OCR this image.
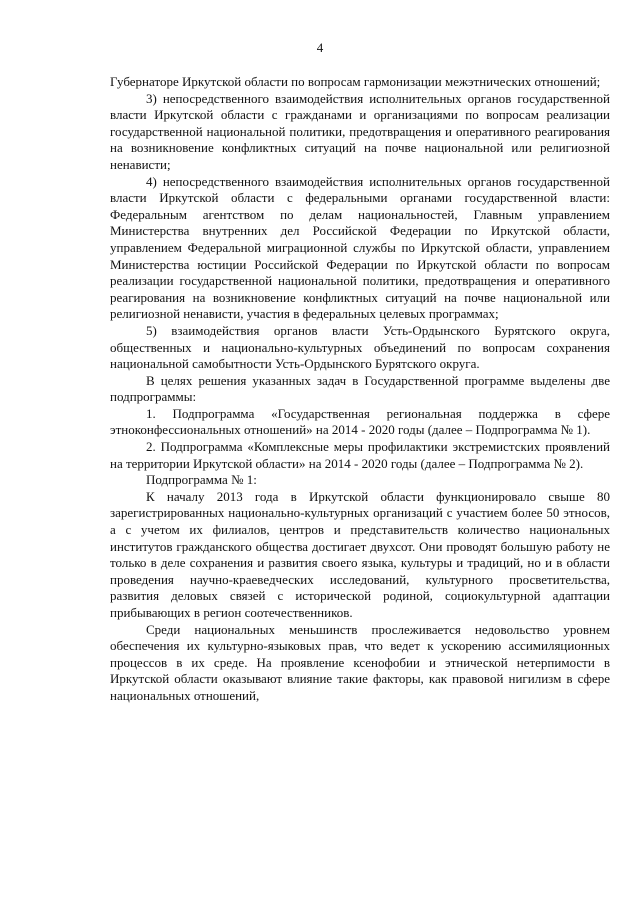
4

Губернаторе Иркутской области по вопросам гармонизации межэтнических отношений;

3) непосредственного взаимодействия исполнительных органов государственной власти Иркутской области с гражданами и организациями по вопросам реализации государственной национальной политики, предотвращения и оперативного реагирования на возникновение конфликтных ситуаций на почве национальной или религиозной ненависти;

4) непосредственного взаимодействия исполнительных органов государственной власти Иркутской области с федеральными органами государственной власти: Федеральным агентством по делам национальностей, Главным управлением Министерства внутренних дел Российской Федерации по Иркутской области, управлением Федеральной миграционной службы по Иркутской области, управлением Министерства юстиции Российской Федерации по Иркутской области по вопросам реализации государственной национальной политики, предотвращения и оперативного реагирования на возникновение конфликтных ситуаций на почве национальной или религиозной ненависти, участия в федеральных целевых программах;

5) взаимодействия органов власти Усть-Ордынского Бурятского округа, общественных и национально-культурных объединений по вопросам сохранения национальной самобытности Усть-Ордынского Бурятского округа.

В целях решения указанных задач в Государственной программе выделены две подпрограммы:

1. Подпрограмма «Государственная региональная поддержка в сфере этноконфессиональных отношений» на 2014 - 2020 годы (далее – Подпрограмма № 1).

2. Подпрограмма «Комплексные меры профилактики экстремистских проявлений на территории Иркутской области» на 2014 - 2020 годы (далее – Подпрограмма № 2).

Подпрограмма № 1:

К началу 2013 года в Иркутской области функционировало свыше 80 зарегистрированных национально-культурных организаций с участием более 50 этносов, а с учетом их филиалов, центров и представительств количество национальных институтов гражданского общества достигает двухсот. Они проводят большую работу не только в деле сохранения и развития своего языка, культуры и традиций, но и в области проведения научно-краеведческих исследований, культурного просветительства, развития деловых связей с исторической родиной, социокультурной адаптации прибывающих в регион соотечественников.

Среди национальных меньшинств прослеживается недовольство уровнем обеспечения их культурно-языковых прав, что ведет к ускорению ассимиляционных процессов в их среде. На проявление ксенофобии и этнической нетерпимости в Иркутской области оказывают влияние такие факторы, как правовой нигилизм в сфере национальных отношений,
